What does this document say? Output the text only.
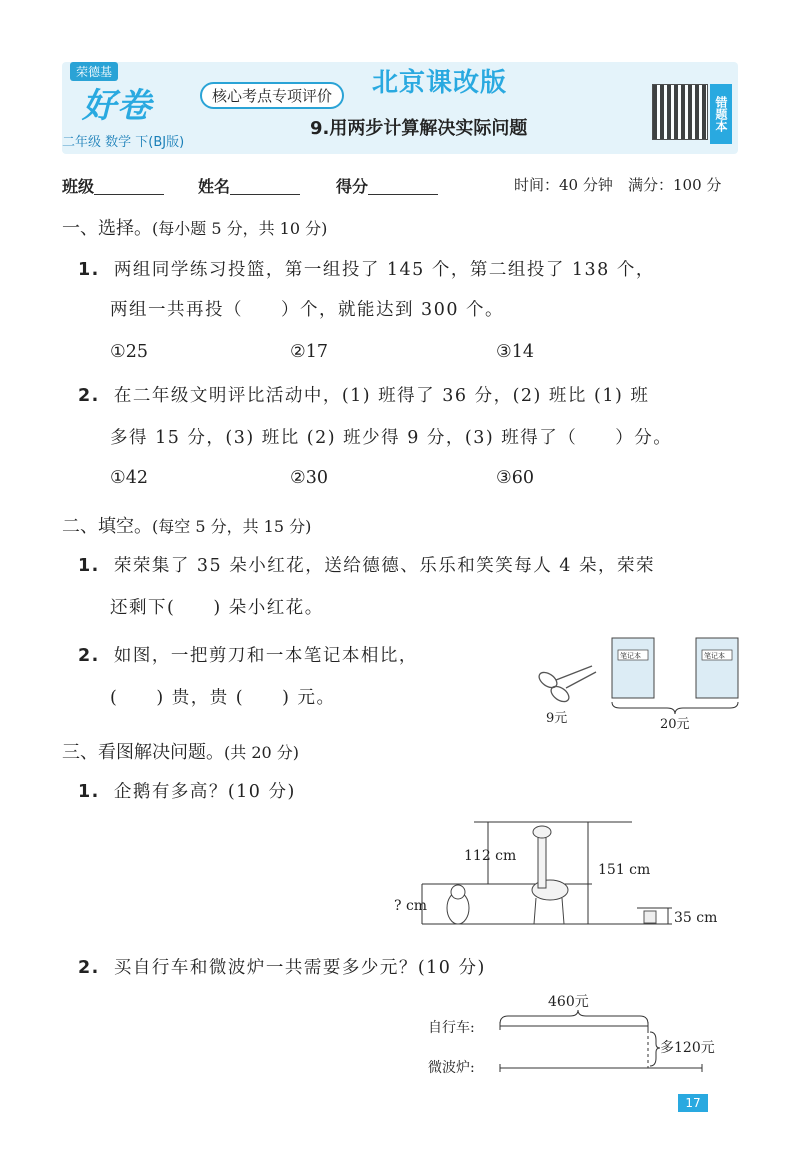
荣德基
好卷
二年级 数学 下(BJ版)
核心考点专项评价	北京课改版
9.用两步计算解决实际问题	错题本
班级	姓名	得分	时间：40 分钟 满分：100 分
一、选择。(每小题 5 分，共 10 分)
1. 两组同学练习投篮，第一组投了 145 个，第二组投了 138 个，
两组一共再投（　　）个，就能达到 300 个。
①25	②17	③14
2. 在二年级文明评比活动中，(1) 班得了 36 分，(2) 班比 (1) 班
多得 15 分，(3) 班比 (2) 班少得 9 分，(3) 班得了（　　）分。
①42	②30	③60
二、填空。(每空 5 分，共 15 分)
1. 荣荣集了 35 朵小红花，送给德德、乐乐和笑笑每人 4 朵，荣荣
还剩下(　　) 朵小红花。
2. 如图，一把剪刀和一本笔记本相比，
(　　) 贵，贵 (　　) 元。
9元
笔记本	笔记本
20元
三、看图解决问题。(共 20 分)
1. 企鹅有多高？(10 分)
112 cm
151 cm
35 cm
? cm
2. 买自行车和微波炉一共需要多少元？(10 分)
自行车:
微波炉:
460元
多120元
17
